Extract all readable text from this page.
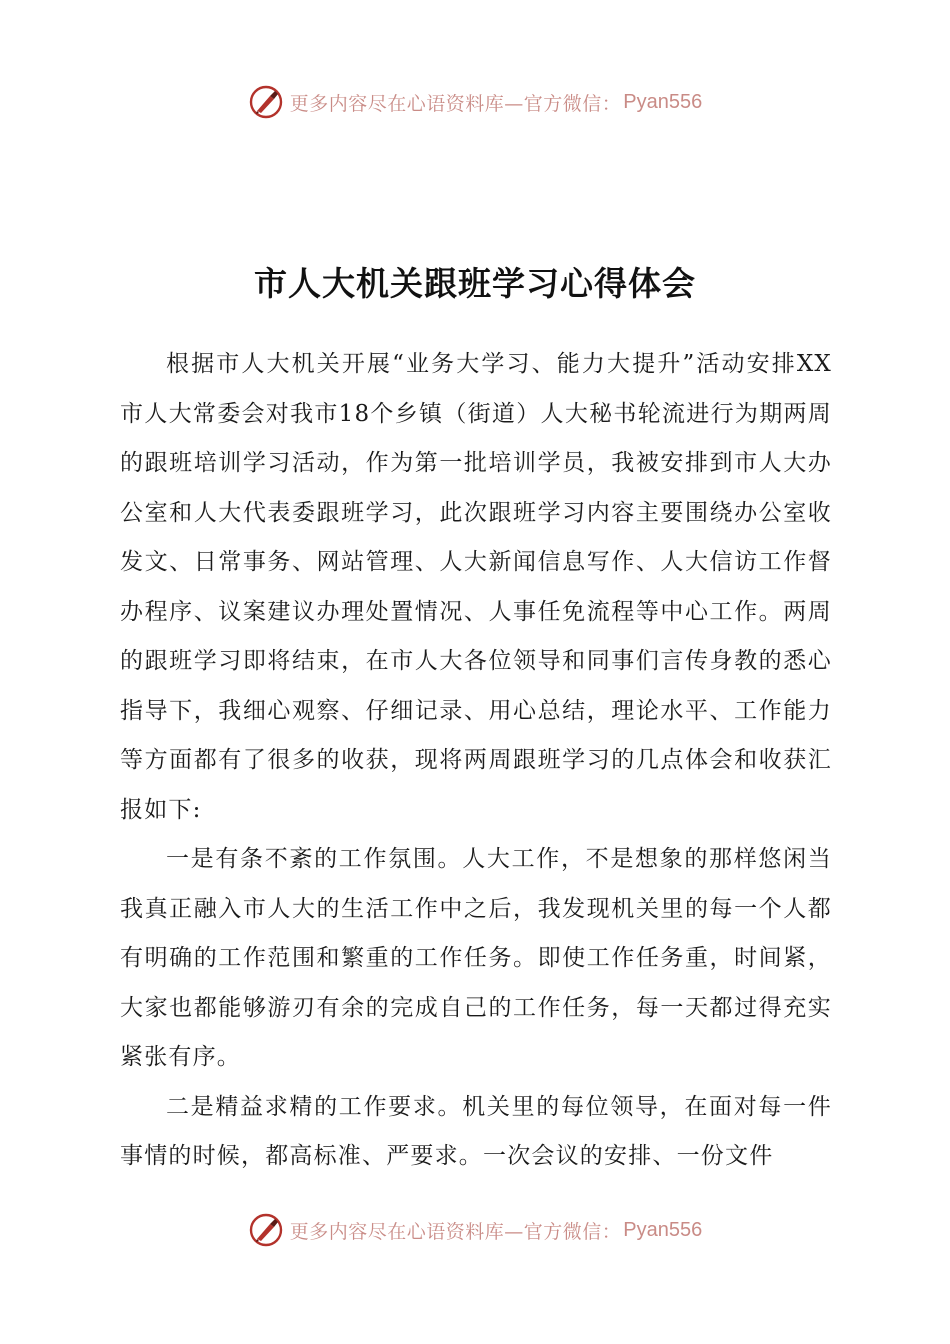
更多内容尽在心语资料库—官方微信： Pyan556
市人大机关跟班学习心得体会

根据市人大机关开展“业务大学习、能力大提升”活动安排XX市人大常委会对我市18个乡镇（街道）人大秘书轮流进行为期两周的跟班培训学习活动，作为第一批培训学员，我被安排到市人大办公室和人大代表委跟班学习，此次跟班学习内容主要围绕办公室收发文、日常事务、网站管理、人大新闻信息写作、人大信访工作督办程序、议案建议办理处置情况、人事任免流程等中心工作。两周的跟班学习即将结束，在市人大各位领导和同事们言传身教的悉心指导下，我细心观察、仔细记录、用心总结，理论水平、工作能力等方面都有了很多的收获，现将两周跟班学习的几点体会和收获汇报如下:

一是有条不紊的工作氛围。人大工作，不是想象的那样悠闲当我真正融入市人大的生活工作中之后，我发现机关里的每一个人都有明确的工作范围和繁重的工作任务。即使工作任务重，时间紧，大家也都能够游刃有余的完成自己的工作任务，每一天都过得充实紧张有序。

二是精益求精的工作要求。机关里的每位领导，在面对每一件事情的时候，都高标准、严要求。一次会议的安排、一份文件

更多内容尽在心语资料库—官方微信： Pyan556
